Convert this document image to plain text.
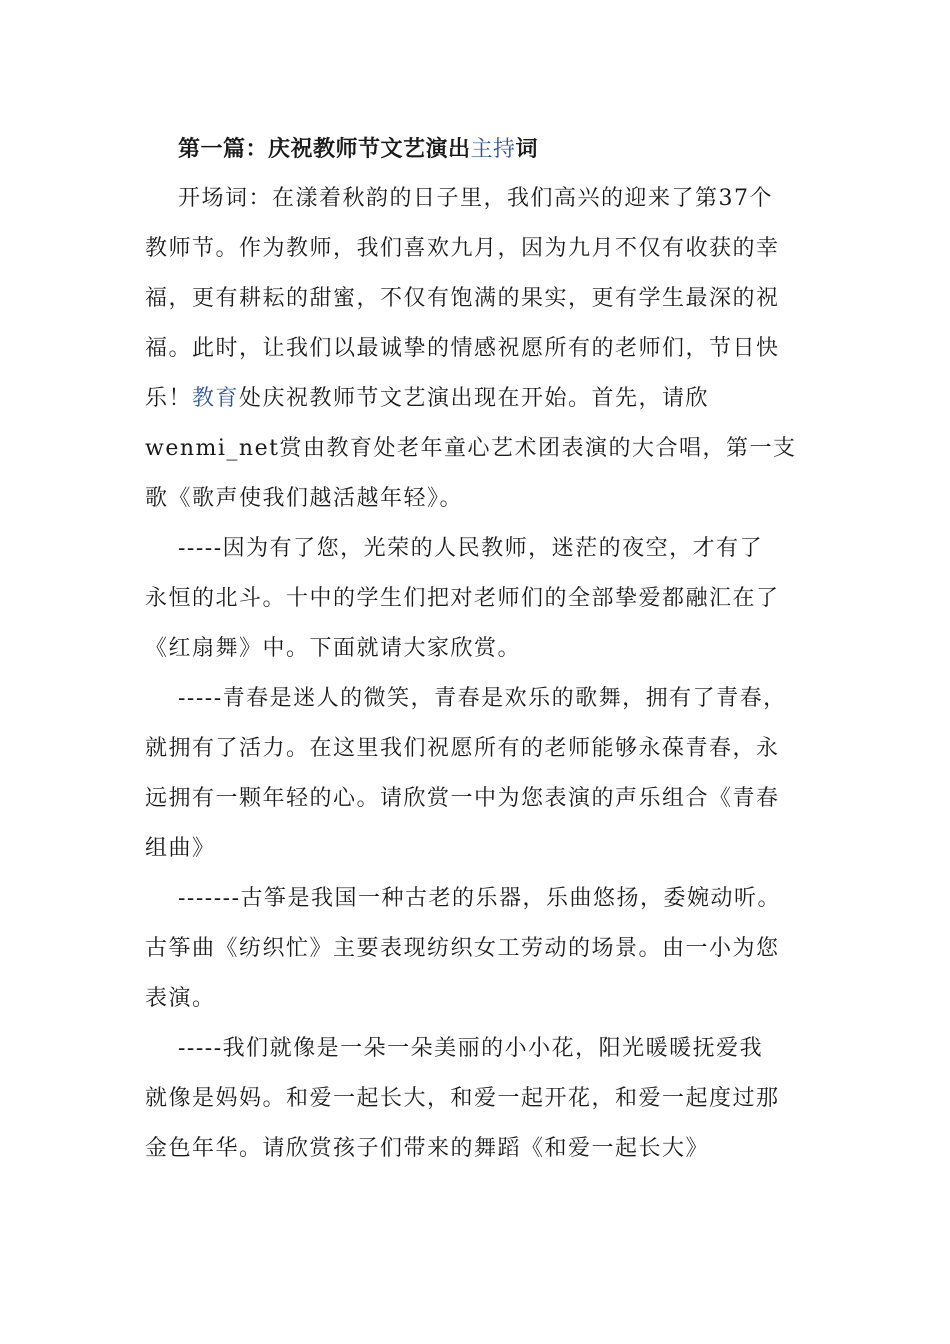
第一篇：庆祝教师节文艺演出主持词
开场词：在漾着秋韵的日子里，我们高兴的迎来了第37个
教师节。作为教师，我们喜欢九月，因为九月不仅有收获的幸
福，更有耕耘的甜蜜，不仅有饱满的果实，更有学生最深的祝
福。此时，让我们以最诚挚的情感祝愿所有的老师们，节日快
乐！教育处庆祝教师节文艺演出现在开始。首先，请欣
wenmi_net赏由教育处老年童心艺术团表演的大合唱，第一支
歌《歌声使我们越活越年轻》。
-----因为有了您，光荣的人民教师，迷茫的夜空，才有了
永恒的北斗。十中的学生们把对老师们的全部挚爱都融汇在了
《红扇舞》中。下面就请大家欣赏。
-----青春是迷人的微笑，青春是欢乐的歌舞，拥有了青春，
就拥有了活力。在这里我们祝愿所有的老师能够永葆青春，永
远拥有一颗年轻的心。请欣赏一中为您表演的声乐组合《青春
组曲》
-------古筝是我国一种古老的乐器，乐曲悠扬，委婉动听。
古筝曲《纺织忙》主要表现纺织女工劳动的场景。由一小为您
表演。
-----我们就像是一朵一朵美丽的小小花，阳光暖暖抚爱我
就像是妈妈。和爱一起长大，和爱一起开花，和爱一起度过那
金色年华。请欣赏孩子们带来的舞蹈《和爱一起长大》
